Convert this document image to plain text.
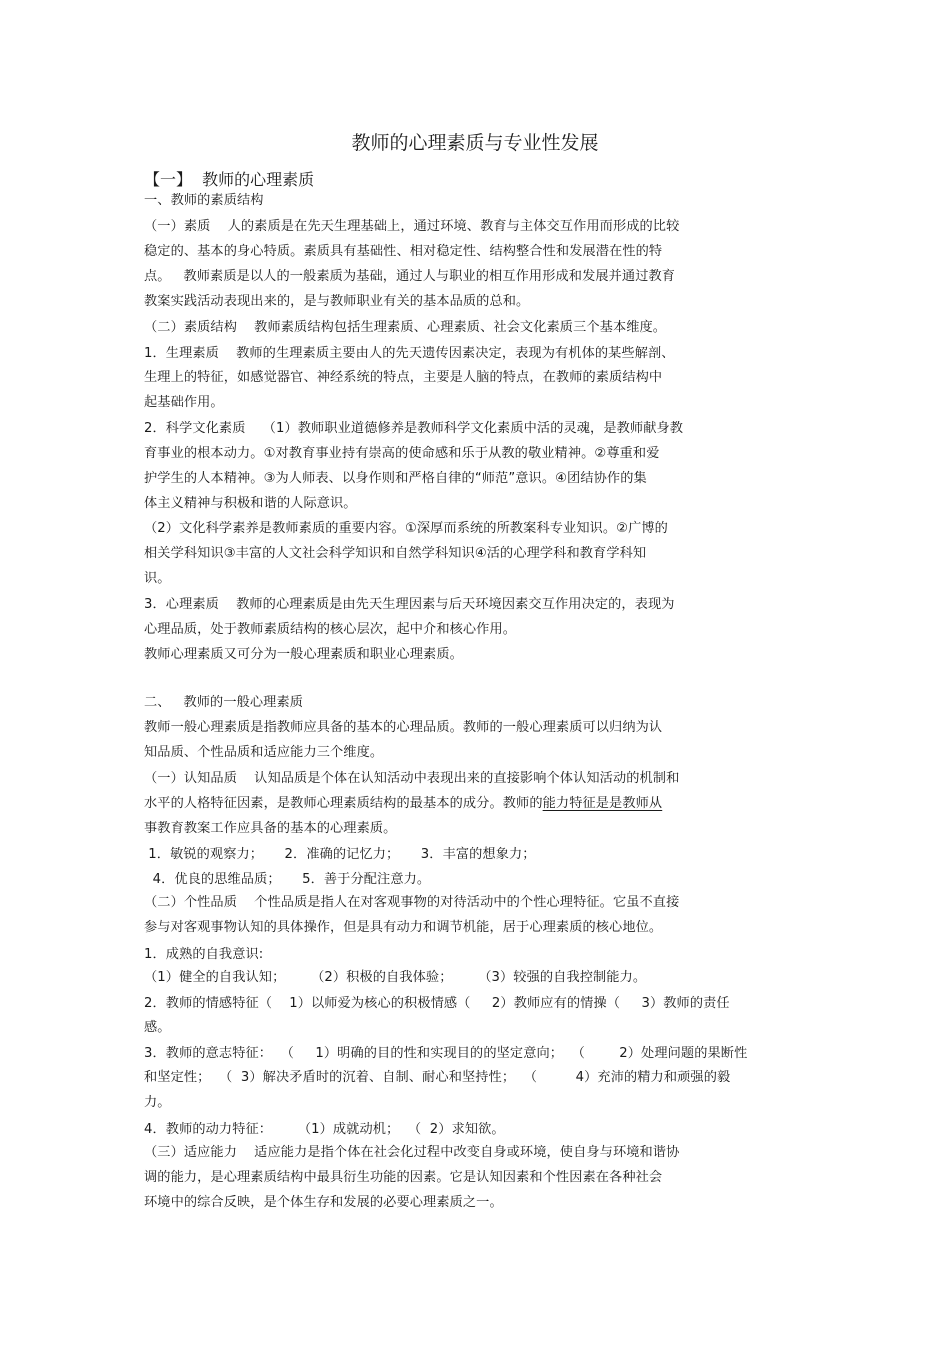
教师的心理素质与专业性发展
【一】  教师的心理素质
一、教师的素质结构
（一）素质    人的素质是在先天生理基础上，通过环境、教育与主体交互作用而形成的比较
稳定的、基本的身心特质。素质具有基础性、相对稳定性、结构整合性和发展潜在性的特
点。   教师素质是以人的一般素质为基础，通过人与职业的相互作用形成和发展并通过教育
教案实践活动表现出来的，是与教师职业有关的基本品质的总和。
（二）素质结构    教师素质结构包括生理素质、心理素质、社会文化素质三个基本维度。
1．生理素质    教师的生理素质主要由人的先天遗传因素决定，表现为有机体的某些解剖、
生理上的特征，如感觉器官、神经系统的特点，主要是人脑的特点，在教师的素质结构中
起基础作用。
2．科学文化素质    （1）教师职业道德修养是教师科学文化素质中活的灵魂，是教师献身教
育事业的根本动力。①对教育事业持有崇高的使命感和乐于从教的敬业精神。②尊重和爱
护学生的人本精神。③为人师表、以身作则和严格自律的“师范”意识。④团结协作的集
体主义精神与积极和谐的人际意识。
（2）文化科学素养是教师素质的重要内容。①深厚而系统的所教案科专业知识。②广博的
相关学科知识③丰富的人文社会科学知识和自然学科知识④活的心理学科和教育学科知
识。
3．心理素质    教师的心理素质是由先天生理因素与后天环境因素交互作用决定的，表现为
心理品质，处于教师素质结构的核心层次，起中介和核心作用。
教师心理素质又可分为一般心理素质和职业心理素质。
二、   教师的一般心理素质
教师一般心理素质是指教师应具备的基本的心理品质。教师的一般心理素质可以归纳为认
知品质、个性品质和适应能力三个维度。
（一）认知品质    认知品质是个体在认知活动中表现出来的直接影响个体认知活动的机制和
水平的人格特征因素，是教师心理素质结构的最基本的成分。教师的能力特征是是教师从
事教育教案工作应具备的基本的心理素质。
1．敏锐的观察力；     2．准确的记忆力；     3．丰富的想象力；
4．优良的思维品质；     5．善于分配注意力。
（二）个性品质    个性品质是指人在对客观事物的对待活动中的个性心理特征。它虽不直接
参与对客观事物认知的具体操作，但是具有动力和调节机能，居于心理素质的核心地位。
1．成熟的自我意识:
（1）健全的自我认知；      （2）积极的自我体验；      （3）较强的自我控制能力。
2．教师的情感特征（    1）以师爱为核心的积极情感（     2）教师应有的情操（     3）教师的责任
感。
3．教师的意志特征：  （     1）明确的目的性和实现目的的坚定意向；  （        2）处理问题的果断性
和坚定性；  （  3）解决矛盾时的沉着、自制、耐心和坚持性；  （         4）充沛的精力和顽强的毅
力。
4．教师的动力特征：      （1）成就动机；  （  2）求知欲。
（三）适应能力    适应能力是指个体在社会化过程中改变自身或环境，使自身与环境和谐协
调的能力，是心理素质结构中最具衍生功能的因素。它是认知因素和个性因素在各种社会
环境中的综合反映，是个体生存和发展的必要心理素质之一。
